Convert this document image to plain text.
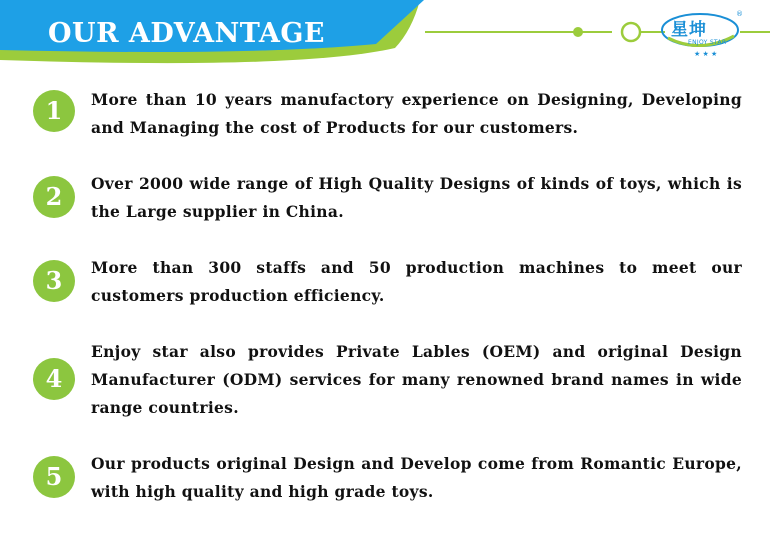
OUR ADVANTAGE
★ ★ ★
星坤
ENJOY STAR
®
1	More than 10 years manufactory experience on Designing, Developing and Managing the cost of Products for our customers.

2	Over 2000 wide range of High Quality Designs of kinds of toys, which is the Large supplier in China.

3	More than 300 staffs and 50 production machines to meet our customers production efficiency.

4

Enjoy star also provides Private Lables (OEM) and original Design Manufacturer (ODM) services for many renowned brand names in wide range countries.

5	Our products original Design and Develop come from Romantic Europe, with high quality and high grade toys.
